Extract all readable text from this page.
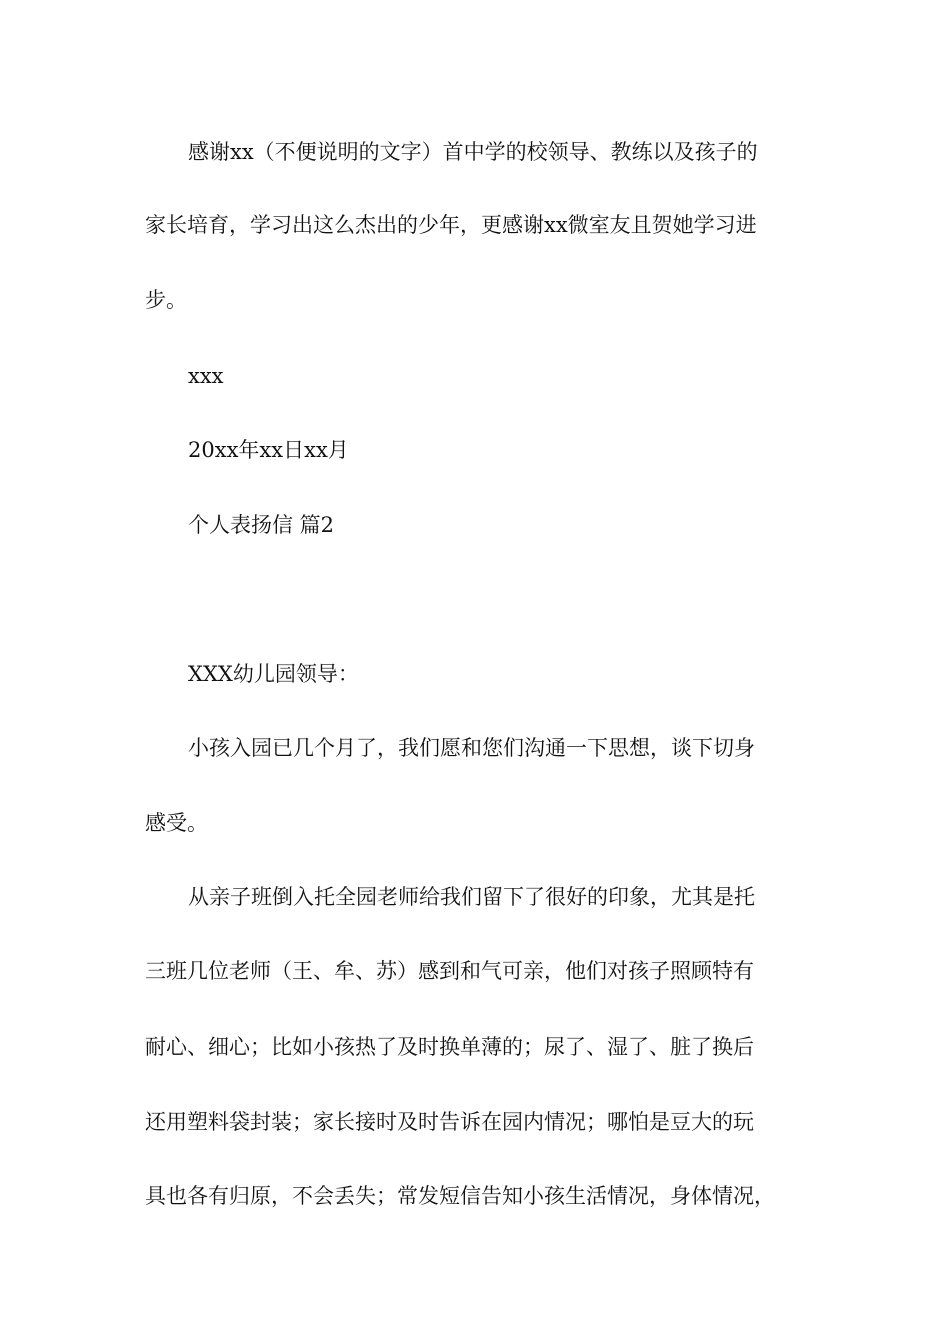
感谢xx（不便说明的文字）首中学的校领导、教练以及孩子的
家长培育，学习出这么杰出的少年，更感谢xx微室友且贺她学习进
步。
xxx
20xx年xx日xx月
个人表扬信 篇2
XXX幼儿园领导：
小孩入园已几个月了，我们愿和您们沟通一下思想，谈下切身
感受。
从亲子班倒入托全园老师给我们留下了很好的印象，尤其是托
三班几位老师（王、牟、苏）感到和气可亲，他们对孩子照顾特有
耐心、细心；比如小孩热了及时换单薄的；尿了、湿了、脏了换后
还用塑料袋封装；家长接时及时告诉在园内情况；哪怕是豆大的玩
具也各有归原，不会丢失；常发短信告知小孩生活情况，身体情况，
